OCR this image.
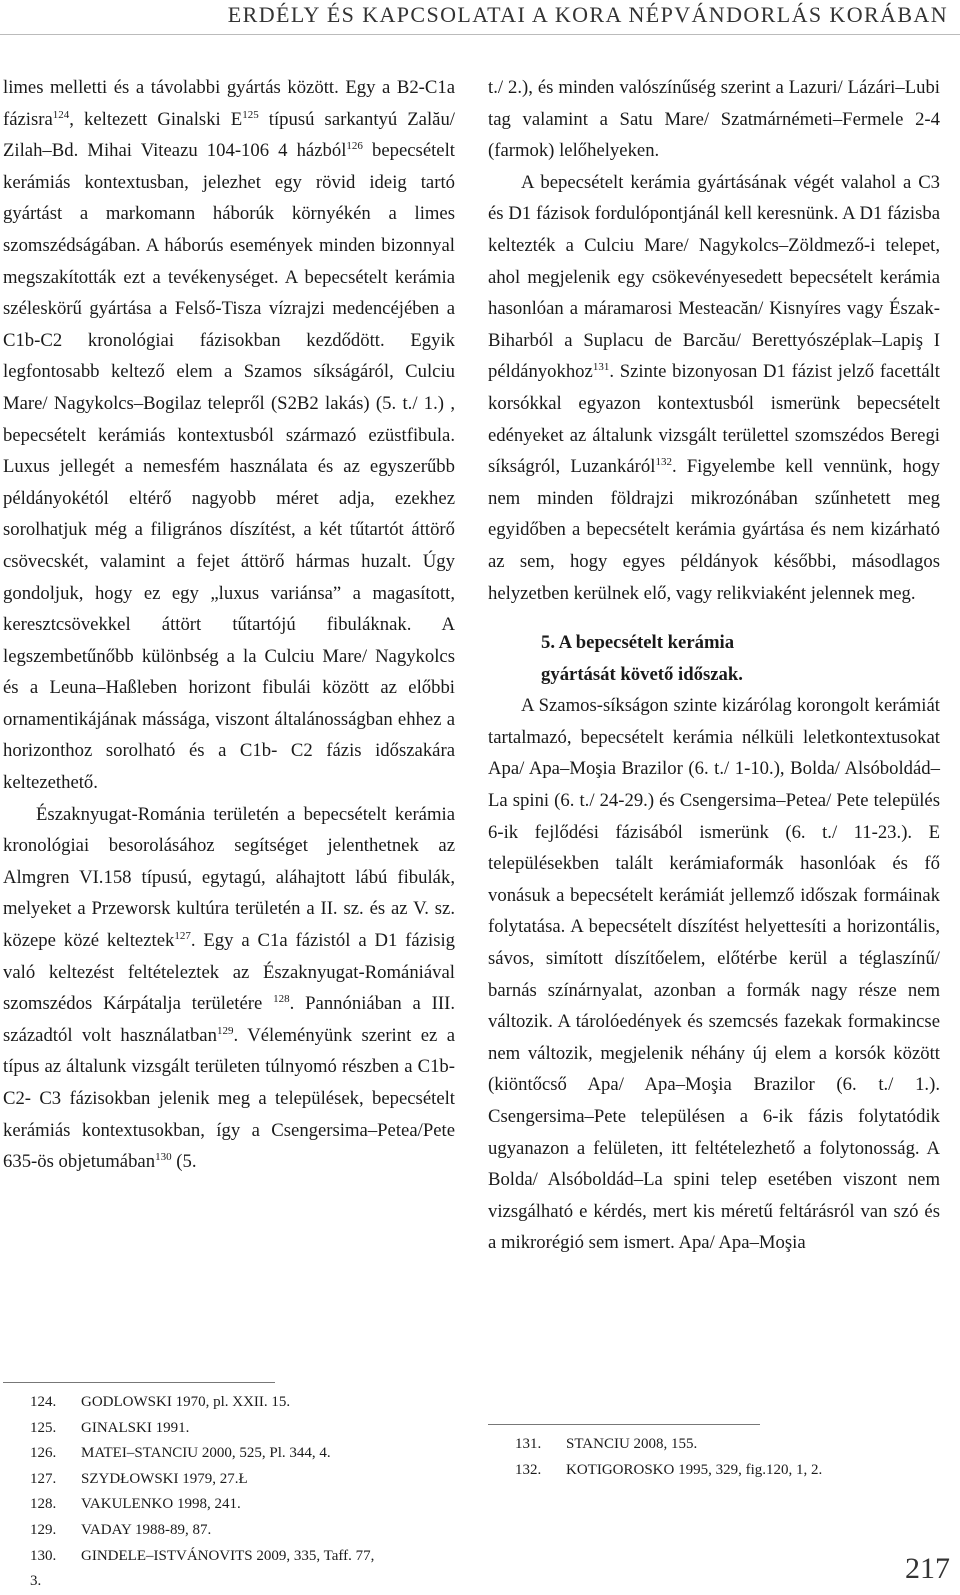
ERDÉLY ÉS KAPCSOLATAI A KORA NÉPVÁNDORLÁS KORÁBAN

limes melletti és a távolabbi gyártás között. Egy a B2-C1a fázisra$^{124}$, keltezett Ginalski $E^{125}$ típusú sarkantyú Zalău/ Zilah–Bd. Mihai Viteazu 104-106 4 házból$^{126}$ bepecsételt kerámiás kontextusban, jelezhet egy rövid ideig tartó gyártást a markomann háborúk környékén a limes szomszédságában. A háborús események minden bizonnyal megszakították ezt a tevékenységet. A bepecsételt kerámia széleskörű gyártása a Felső-Tisza vízrajzi medencéjében a C1b-C2 kronológiai fázisokban kezdődött. Egyik legfontosabb keltező elem a Szamos síkságáról, Culciu Mare/ Nagykolcs–Bogilaz telepről (S2B2 lakás) (5. t./ 1.) , bepecsételt kerámiás kontextusból származó ezüstfibula. Luxus jellegét a nemesfém használata és az egyszerűbb példányokétól eltérő nagyobb méret adja, ezekhez sorolhatjuk még a filigrános díszítést, a két tűtartót áttörő csövecskét, valamint a fejet áttörő hármas huzalt. Úgy gondoljuk, hogy ez egy „luxus variánsa” a magasított, keresztcsövekkel áttört tűtartójú fibuláknak. A legszembetűnőbb különbség a la Culciu Mare/ Nagykolcs és a Leuna–Haßleben horizont fibulái között az előbbi ornamentikájának mássága, viszont általánosságban ehhez a horizonthoz sorolható és a C1b- C2 fázis időszakára keltezethető.

Északnyugat-Románia területén a bepecsételt kerámia kronológiai besorolásához segítséget jelenthetnek az Almgren VI.158 típusú, egytagú, aláhajtott lábú fibulák, melyeket a Przeworsk kultúra területén a II. sz. és az V. sz. közepe közé kelteztek$^{127}$. Egy a C1a fázistól a D1 fázisig való keltezést feltételeztek az Északnyugat-Romániával szomszédos Kárpátalja területére $^{128}$. Pannóniában a III. századtól volt használatban$^{129}$. Véleményünk szerint ez a típus az általunk vizsgált területen túlnyomó részben a C1b-C2- C3 fázisokban jelenik meg a települések, bepecsételt kerámiás kontextusokban, így a Csengersima–Petea/Pete 635-ös objetumában$^{130}$ (5.

124.	GODLOWSKI 1970, pl. XXII. 15.
125.	GINALSKI 1991.
126.	MATEI–STANCIU 2000, 525, Pl. 344, 4.
127.	SZYDŁOWSKI 1979, 27.Ł
128.	VAKULENKO 1998, 241.
129.	VADAY 1988-89, 87.
130.	GINDELE–ISTVÁNOVITS 2009, 335, Taff. 77,
3.

t./ 2.), és minden valószínűség szerint a Lazuri/ Lázári–Lubi tag valamint a Satu Mare/ Szatmárnémeti–Fermele 2-4 (farmok) lelőhelyeken.

A bepecsételt kerámia gyártásának végét valahol a C3 és D1 fázisok fordulópontjánál kell keresnünk. A D1 fázisba keltezték a Culciu Mare/ Nagykolcs–Zöldmező-i telepet, ahol megjelenik egy csökevényesedett bepecsételt kerámia hasonlóan a máramarosi Mesteacăn/ Kisnyíres vagy Észak-Biharból a Suplacu de Barcău/ Berettyószéplak–Lapiş I példányokhoz$^{131}$. Szinte bizonyosan D1 fázist jelző facettált korsókkal egyazon kontextusból ismerünk bepecsételt edényeket az általunk vizsgált területtel szomszédos Beregi síkságról, Luzankáról$^{132}$. Figyelembe kell vennünk, hogy nem minden földrajzi mikrozónában szűnhetett meg egyidőben a bepecsételt kerámia gyártása és nem kizárható az sem, hogy egyes példányok későbbi, másodlagos helyzetben kerülnek elő, vagy relikviaként jelennek meg.

5. A bepecsételt kerámia
gyártását követő időszak.

A Szamos-síkságon szinte kizárólag korongolt kerámiát tartalmazó, bepecsételt kerámia nélküli leletkontextusokat Apa/ Apa–Moşia Brazilor (6. t./ 1-10.), Bolda/ Alsóboldád–La spini (6. t./ 24-29.) és Csengersima–Petea/ Pete település 6-ik fejlődési fázisából ismerünk (6. t./ 11-23.). E településekben talált kerámiaformák hasonlóak és fő vonásuk a bepecsételt kerámiát jellemző időszak formáinak folytatása. A bepecsételt díszítést helyettesíti a horizontális, sávos, simított díszítőelem, előtérbe kerül a téglaszínű/ barnás színárnyalat, azonban a formák nagy része nem változik. A tárolóedények és szemcsés fazekak formakincse nem változik, megjelenik néhány új elem a korsók között (kiöntőcső Apa/ Apa–Moşia Brazilor (6. t./ 1.). Csengersima–Pete településen a 6-ik fázis folytatódik ugyanazon a felületen, itt feltételezhető a folytonosság. A Bolda/ Alsóboldád–La spini telep esetében viszont nem vizsgálható e kérdés, mert kis méretű feltárásról van szó és a mikrorégió sem ismert. Apa/ Apa–Moşia

131.	STANCIU 2008, 155.
132.	KOTIGOROSKO 1995, 329, fig.120, 1, 2.
217
